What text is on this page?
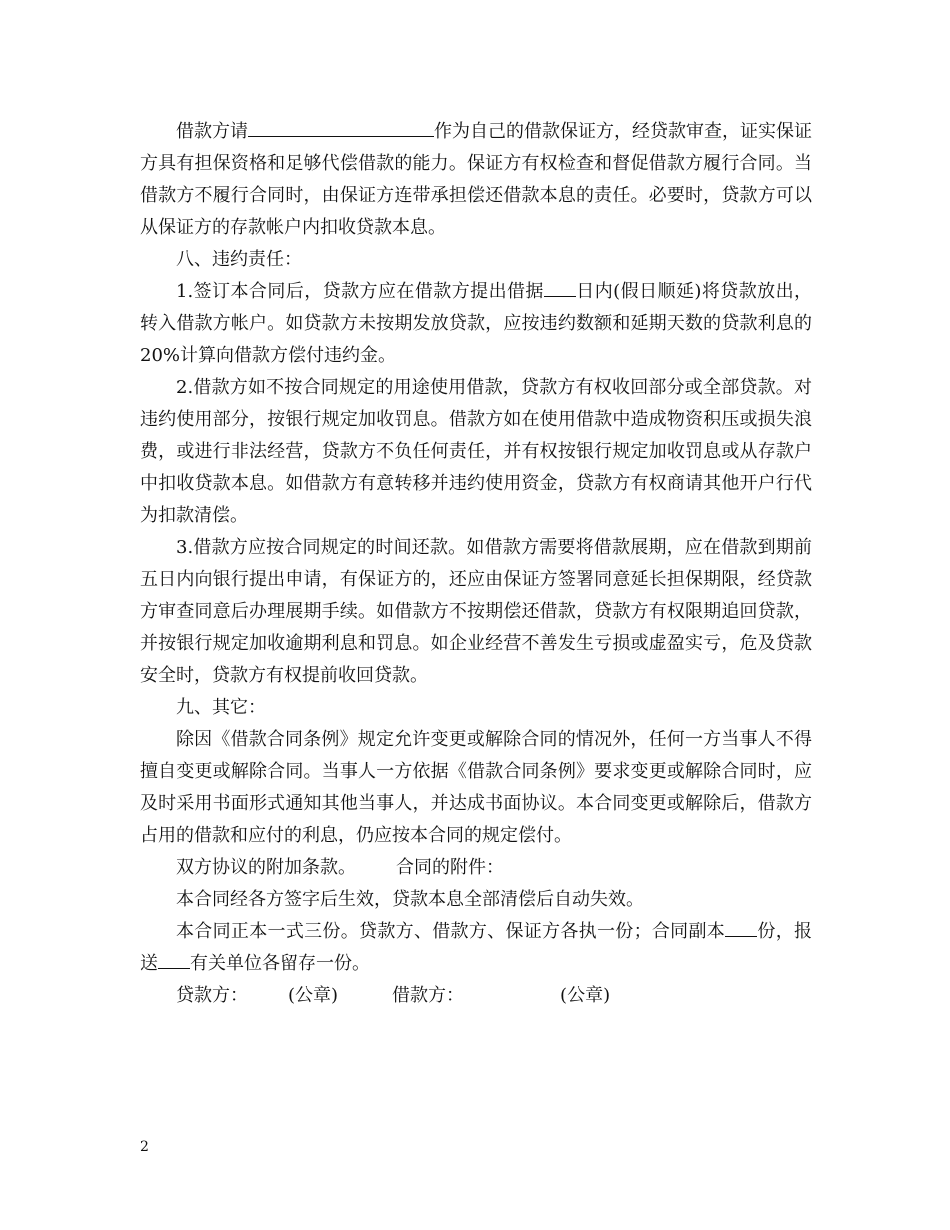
借款方请	作为自己的借款保证方，经贷款审查，证实保证方具有担保资格和足够代偿借款的能力。保证方有权检查和督促借款方履行合同。当借款方不履行合同时，由保证方连带承担偿还借款本息的责任。必要时，贷款方可以从保证方的存款帐户内扣收贷款本息。

八、违约责任：

1.签订本合同后，贷款方应在借款方提出借据 日内(假日顺延)将贷款放出，转入借款方帐户。如贷款方未按期发放贷款，应按违约数额和延期天数的贷款利息的20%计算向借款方偿付违约金。

2.借款方如不按合同规定的用途使用借款，贷款方有权收回部分或全部贷款。对违约使用部分，按银行规定加收罚息。借款方如在使用借款中造成物资积压或损失浪费，或进行非法经营，贷款方不负任何责任，并有权按银行规定加收罚息或从存款户中扣收贷款本息。如借款方有意转移并违约使用资金，贷款方有权商请其他开户行代为扣款清偿。

3.借款方应按合同规定的时间还款。如借款方需要将借款展期，应在借款到期前五日内向银行提出申请，有保证方的，还应由保证方签署同意延长担保期限，经贷款方审查同意后办理展期手续。如借款方不按期偿还借款，贷款方有权限期追回贷款，并按银行规定加收逾期利息和罚息。如企业经营不善发生亏损或虚盈实亏，危及贷款安全时，贷款方有权提前收回贷款。

九、其它：

除因《借款合同条例》规定允许变更或解除合同的情况外，任何一方当事人不得擅自变更或解除合同。当事人一方依据《借款合同条例》要求变更或解除合同时，应及时采用书面形式通知其他当事人，并达成书面协议。本合同变更或解除后，借款方占用的借款和应付的利息，仍应按本合同的规定偿付。

双方协议的附加条款。 合同的附件：

本合同经各方签字后生效，贷款本息全部清偿后自动失效。

本合同正本一式三份。贷款方、借款方、保证方各执一份；合同副本 份，报送 有关单位各留存一份。

贷款方： (公章)	借款方：	(公章)

2
